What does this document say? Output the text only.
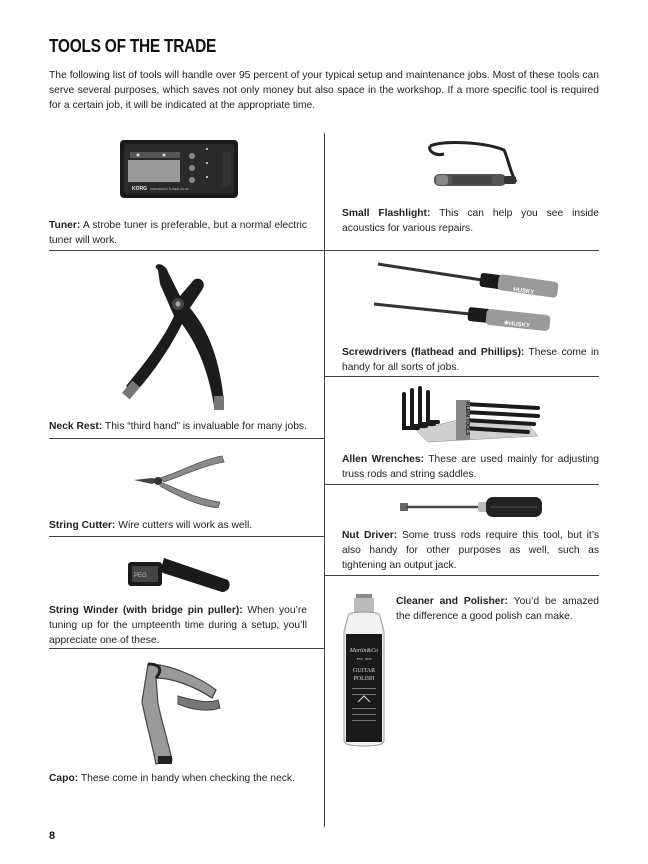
TOOLS OF THE TRADE
The following list of tools will handle over 95 percent of your typical setup and maintenance jobs. Most of these tools can serve several purposes, which saves not only money but also space in the workshop. If a more specific tool is required for a certain job, it will be indicated at the appropriate time.
KORG CHROMATIC TUNER CA-30
Tuner: A strobe tuner is preferable, but a normal electric tuner will work.
Small Flashlight: This can help you see inside acoustics for various repairs.
Neck Rest: This “third hand” is invaluable for many jobs.
HUSKY
❖HUSKY
Screwdrivers (flathead and Phillips): These come in handy for all sorts of jobs.
KLEIN TOOLS
Allen Wrenches: These are used mainly for adjusting truss rods and string saddles.
String Cutter: Wire cutters will work as well.
Nut Driver: Some truss rods require this tool, but it’s also handy for other purposes as well, such as tightening an output jack.
PEG
String Winder (with bridge pin puller): When you’re tuning up for the umpteenth time during a setup, you’ll appreciate one of these.
Martin&Co
EST. 1833
GUITAR
POLISH
Cleaner and Polisher: You’d be amazed the difference a good polish can make.
Capo: These come in handy when checking the neck.
8
